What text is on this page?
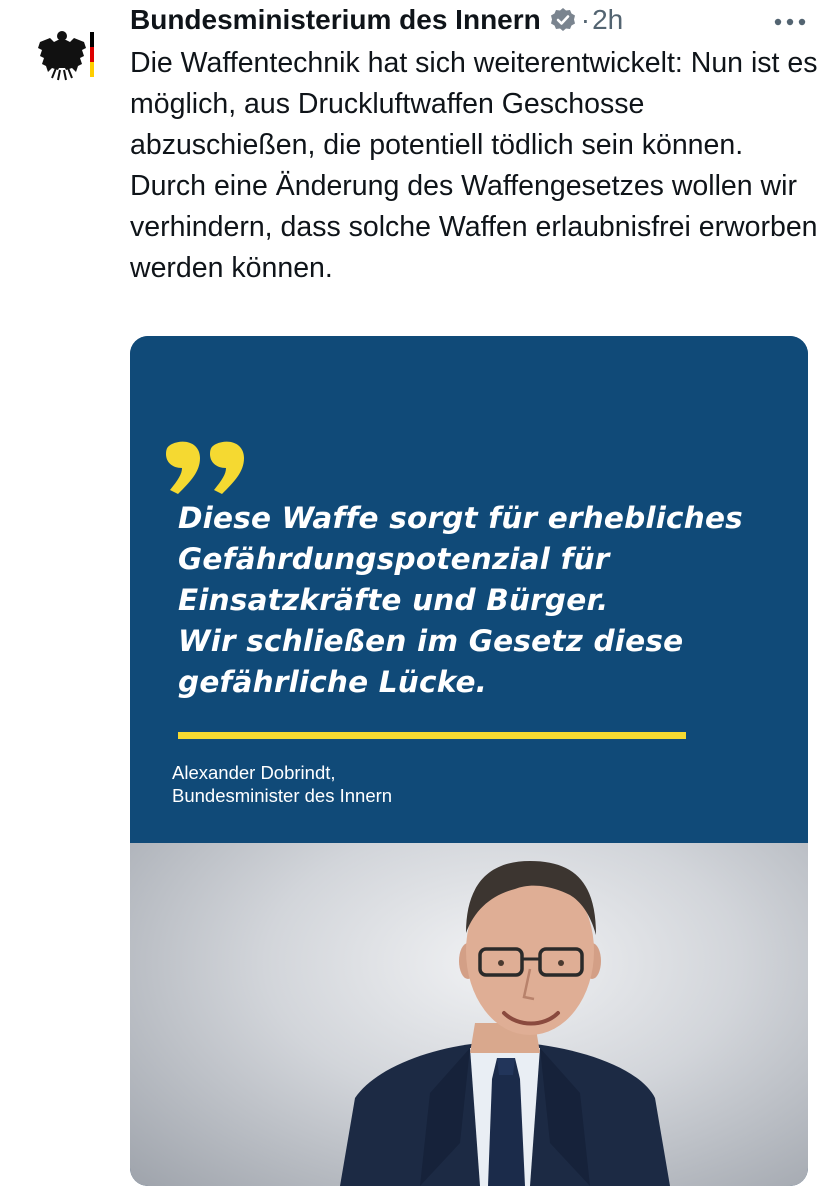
Bundesministerium des Innern · 2h
Die Waffentechnik hat sich weiterentwickelt: Nun ist es möglich, aus Druckluftwaffen Geschosse abzuschießen, die potentiell tödlich sein können. Durch eine Änderung des Waffengesetzes wollen wir verhindern, dass solche Waffen erlaubnisfrei erworben werden können.
Diese Waffe sorgt für erhebliches
Gefährdungspotenzial für
Einsatzkräfte und Bürger.
Wir schließen im Gesetz diese
gefährliche Lücke.
Alexander Dobrindt,
Bundesminister des Innern
